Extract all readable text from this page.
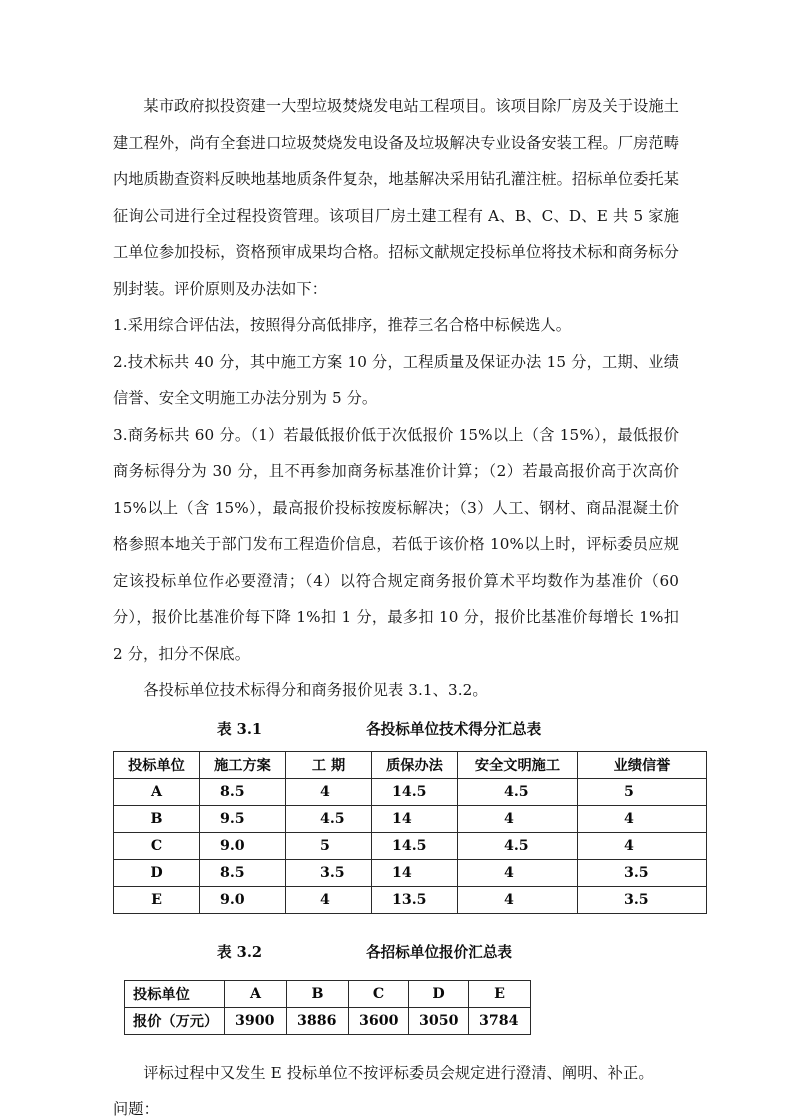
某市政府拟投资建一大型垃圾焚烧发电站工程项目。该项目除厂房及关于设施土建工程外，尚有全套进口垃圾焚烧发电设备及垃圾解决专业设备安装工程。厂房范畴内地质勘查资料反映地基地质条件复杂，地基解决采用钻孔灌注桩。招标单位委托某征询公司进行全过程投资管理。该项目厂房土建工程有 A、B、C、D、E 共 5 家施工单位参加投标，资格预审成果均合格。招标文献规定投标单位将技术标和商务标分别封装。评价原则及办法如下：

1.采用综合评估法，按照得分高低排序，推荐三名合格中标候选人。

2.技术标共 40 分，其中施工方案 10 分，工程质量及保证办法 15 分，工期、业绩信誉、安全文明施工办法分别为 5 分。

3.商务标共 60 分。（1）若最低报价低于次低报价 15%以上（含 15%），最低报价商务标得分为 30 分，且不再参加商务标基准价计算；（2）若最高报价高于次高价 15%以上（含 15%），最高报价投标按废标解决；（3）人工、钢材、商品混凝土价格参照本地关于部门发布工程造价信息，若低于该价格 10%以上时，评标委员应规定该投标单位作必要澄清；（4）以符合规定商务报价算术平均数作为基准价（60 分），报价比基准价每下降 1%扣 1 分，最多扣 10 分，报价比基准价每增长 1%扣 2 分，扣分不保底。

各投标单位技术标得分和商务报价见表 3.1、3.2。

表 3.1	各投标单位技术得分汇总表
投标单位	施工方案	工 期	质保办法	安全文明施工	业绩信誉
A	8.5	4	14.5	4.5	5
B	9.5	4.5	14	4	4
C	9.0	5	14.5	4.5	4
D	8.5	3.5	14	4	3.5
E	9.0	4	13.5	4	3.5
表 3.2	各招标单位报价汇总表
投标单位	A	B	C	D	E
报价（万元）	3900	3886	3600	3050	3784

评标过程中又发生 E 投标单位不按评标委员会规定进行澄清、阐明、补正。

问题：
